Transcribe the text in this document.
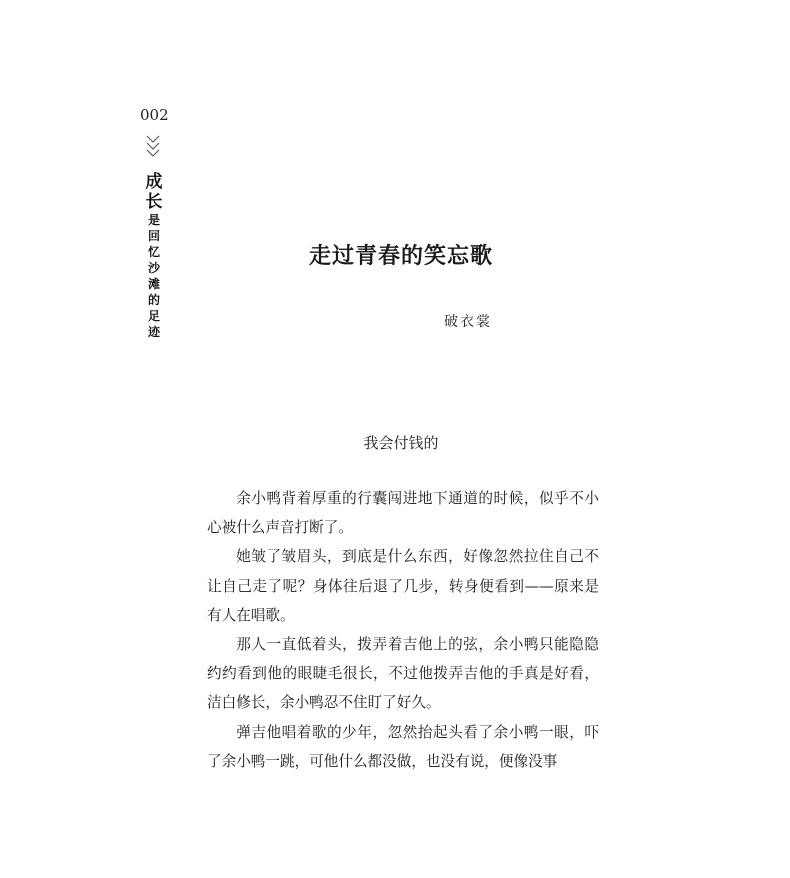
002
成
长
是
回
忆
沙
滩
的
足
迹
走过青春的笑忘歌
破衣裳
我会付钱的

余小鸭背着厚重的行囊闯进地下通道的时候，似乎不小心被什么声音打断了。

她皱了皱眉头，到底是什么东西，好像忽然拉住自己不让自己走了呢？身体往后退了几步，转身便看到——原来是有人在唱歌。

那人一直低着头，拨弄着吉他上的弦，余小鸭只能隐隐约约看到他的眼睫毛很长，不过他拨弄吉他的手真是好看，洁白修长，余小鸭忍不住盯了好久。

弹吉他唱着歌的少年，忽然抬起头看了余小鸭一眼，吓了余小鸭一跳，可他什么都没做，也没有说，便像没事
